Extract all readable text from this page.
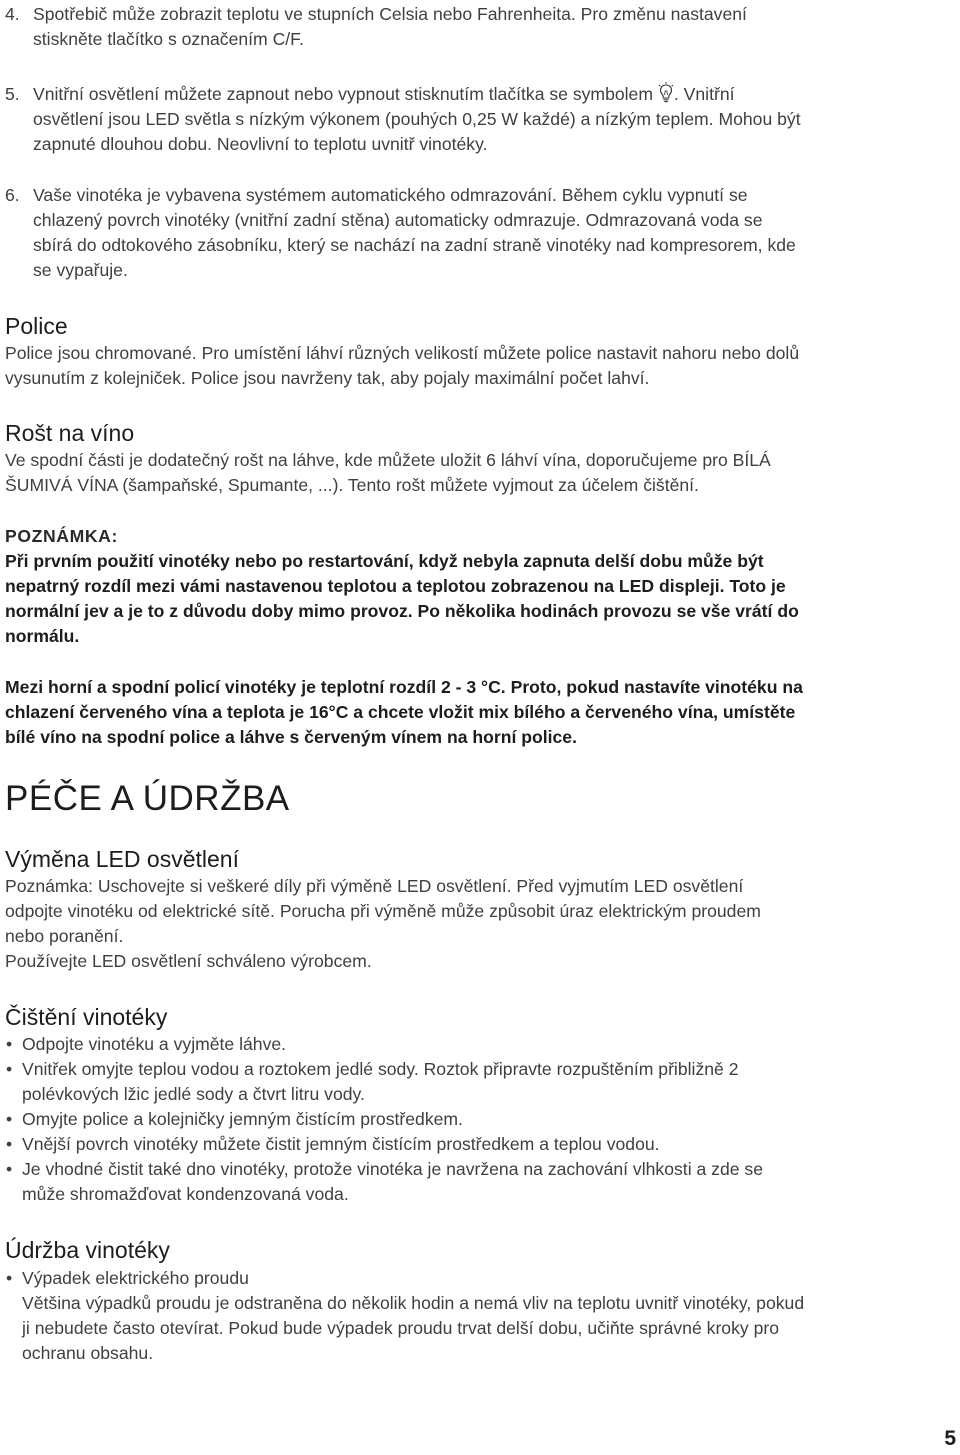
4. Spotřebič může zobrazit teplotu ve stupních Celsia nebo Fahrenheita. Pro změnu nastavení
stiskněte tlačítko s označením C/F.
5. Vnitřní osvětlení můžete zapnout nebo vypnout stisknutím tlačítka se symbolem . Vnitřní
osvětlení jsou LED světla s nízkým výkonem (pouhých 0,25 W každé) a nízkým teplem. Mohou být
zapnuté dlouhou dobu. Neovlivní to teplotu uvnitř vinotéky.
6. Vaše vinotéka je vybavena systémem automatického odmrazování. Během cyklu vypnutí se
chlazený povrch vinotéky (vnitřní zadní stěna) automaticky odmrazuje. Odmrazovaná voda se
sbírá do odtokového zásobníku, který se nachází na zadní straně vinotéky nad kompresorem, kde
se vypařuje.
Police
Police jsou chromované. Pro umístění láhví různých velikostí můžete police nastavit nahoru nebo dolů
vysunutím z kolejniček. Police jsou navrženy tak, aby pojaly maximální počet lahví.
Rošt na víno
Ve spodní části je dodatečný rošt na láhve, kde můžete uložit 6 láhví vína, doporučujeme pro BÍLÁ
ŠUMIVÁ VÍNA (šampaňské, Spumante, ...). Tento rošt můžete vyjmout za účelem čištění.
POZNÁMKA:
Při prvním použití vinotéky nebo po restartování, když nebyla zapnuta delší dobu může být
nepatrný rozdíl mezi vámi nastavenou teplotou a teplotou zobrazenou na LED displeji. Toto je
normální jev a je to z důvodu doby mimo provoz. Po několika hodinách provozu se vše vrátí do
normálu.
Mezi horní a spodní policí vinotéky je teplotní rozdíl 2 - 3 °C. Proto, pokud nastavíte vinotéku na
chlazení červeného vína a teplota je 16°C a chcete vložit mix bílého a červeného vína, umístěte
bílé víno na spodní police a láhve s červeným vínem na horní police.
PÉČE A ÚDRŽBA
Výměna LED osvětlení
Poznámka: Uschovejte si veškeré díly při výměně LED osvětlení. Před vyjmutím LED osvětlení
odpojte vinotéku od elektrické sítě. Porucha při výměně může způsobit úraz elektrickým proudem
nebo poranění.
Používejte LED osvětlení schváleno výrobcem.
Čištění vinotéky
• Odpojte vinotéku a vyjměte láhve.
• Vnitřek omyjte teplou vodou a roztokem jedlé sody. Roztok připravte rozpuštěním přibližně 2
polévkových lžic jedlé sody a čtvrt litru vody.
• Omyjte police a kolejničky jemným čistícím prostředkem.
• Vnější povrch vinotéky můžete čistit jemným čistícím prostředkem a teplou vodou.
• Je vhodné čistit také dno vinotéky, protože vinotéka je navržena na zachování vlhkosti a zde se
může shromažďovat kondenzovaná voda.
Údržba vinotéky
• Výpadek elektrického proudu
Většina výpadků proudu je odstraněna do několik hodin a nemá vliv na teplotu uvnitř vinotéky, pokud
ji nebudete často otevírat. Pokud bude výpadek proudu trvat delší dobu, učiňte správné kroky pro
ochranu obsahu.
5
